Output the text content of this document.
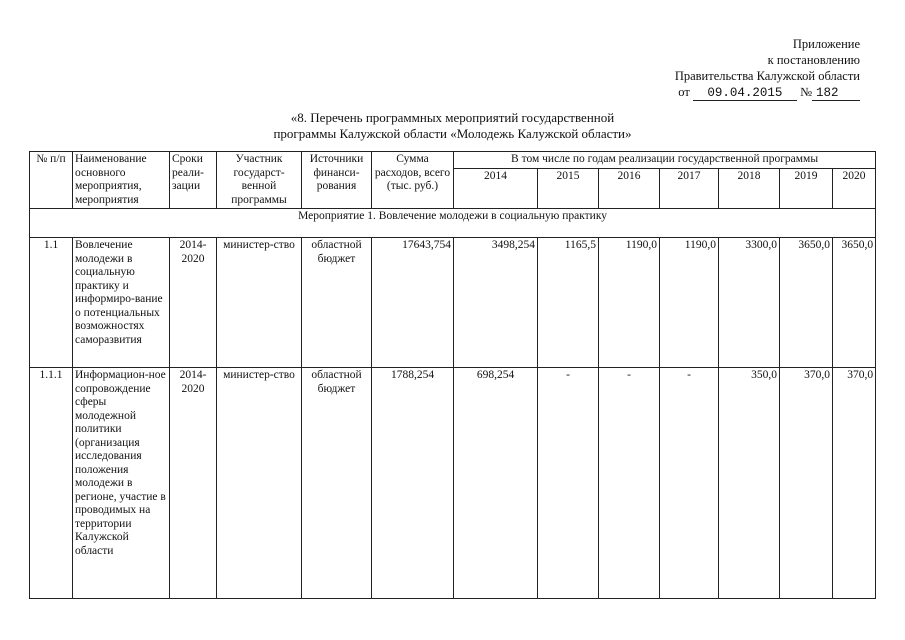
Приложение
к постановлению
Правительства Калужской области
от 09.04.2015 № 182
«8. Перечень программных мероприятий государственной
программы Калужской области «Молодежь Калужской области»
№ п/п	Наименование основного мероприятия, мероприятия	Сроки реали-зации	Участник государст-венной программы	Источники финанси-рования	Сумма расходов, всего (тыс. руб.)	В том числе по годам реализации государственной программы						
						2014	2015	2016	2017	2018	2019	2020
Мероприятие 1. Вовлечение молодежи в социальную практику												
1.1	Вовлечение молодежи в социальную практику и информиро-вание о потенциальных возможностях саморазвития	2014-2020	министер-ство	областной бюджет	17643,754	3498,254	1165,5	1190,0	1190,0	3300,0	3650,0	3650,0
1.1.1	Информацион-ное сопровождение сферы молодежной политики (организация исследования положения молодежи в регионе, участие в проводимых на территории Калужской области	2014-2020	министер-ство	областной бюджет	1788,254	698,254	-	-	-	350,0	370,0	370,0
